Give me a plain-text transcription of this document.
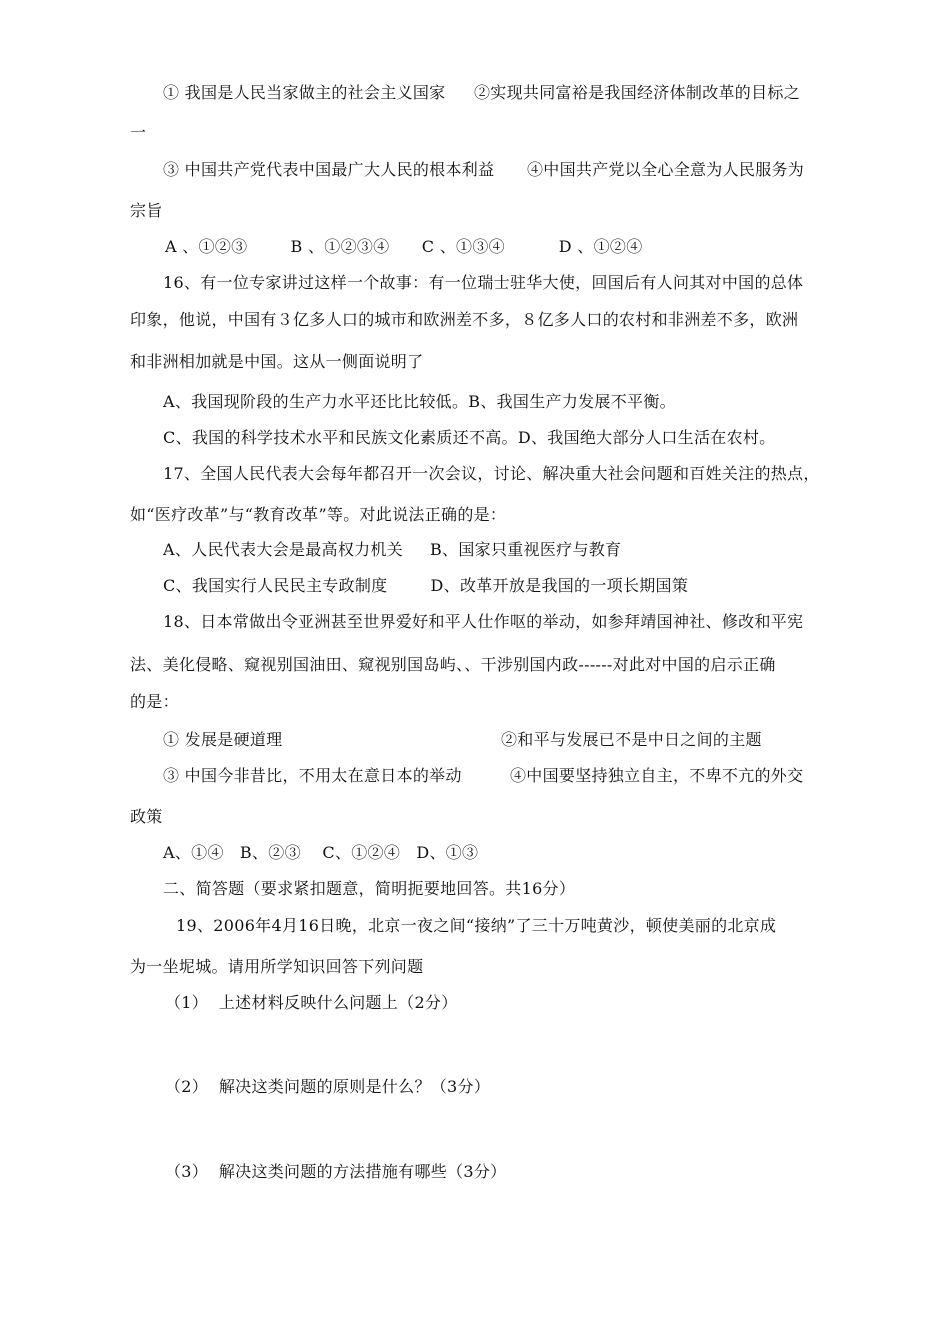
① 我国是人民当家做主的社会主义国家 ②实现共同富裕是我国经济体制改革的目标之
一
③ 中国共产党代表中国最广大人民的根本利益 ④中国共产党以全心全意为人民服务为
宗旨
A 、①②③        B 、①②③④      C 、①③④          D 、①②④
16、有一位专家讲过这样一个故事：有一位瑞士驻华大使，回国后有人问其对中国的总体
印象，他说，中国有３亿多人口的城市和欧洲差不多，８亿多人口的农村和非洲差不多，欧洲
和非洲相加就是中国。这从一侧面说明了
A、我国现阶段的生产力水平还比比较低。B、我国生产力发展不平衡。
C、我国的科学技术水平和民族文化素质还不高。D、我国绝大部分人口生活在农村。
17、全国人民代表大会每年都召开一次会议，讨论、解决重大社会问题和百姓关注的热点，
如“医疗改革”与“教育改革”等。对此说法正确的是：
A、人民代表大会是最高权力机关     B、国家只重视医疗与教育
C、我国实行人民民主专政制度        D、改革开放是我国的一项长期国策
18、日本常做出令亚洲甚至世界爱好和平人仕作呕的举动，如参拜靖国神社、修改和平宪
法、美化侵略、窥视别国油田、窥视别国岛屿、、干涉别国内政------对此对中国的启示正确
的是：
① 发展是硬道理	②和平与发展已不是中日之间的主题
③ 中国今非昔比，不用太在意日本的举动	④中国要坚持独立自主，不卑不亢的外交
政策
A、①④   B、②③    C、①②④   D、①③
二、简答题（要求紧扣题意，简明扼要地回答。共16分）
19、2006年4月16日晚，北京一夜之间“接纳”了三十万吨黄沙，顿使美丽的北京成
为一坐坭城。请用所学知识回答下列问题
（1）  上述材料反映什么问题上（2分）
（2）  解决这类问题的原则是什么？（3分）
（3）  解决这类问题的方法措施有哪些（3分）
